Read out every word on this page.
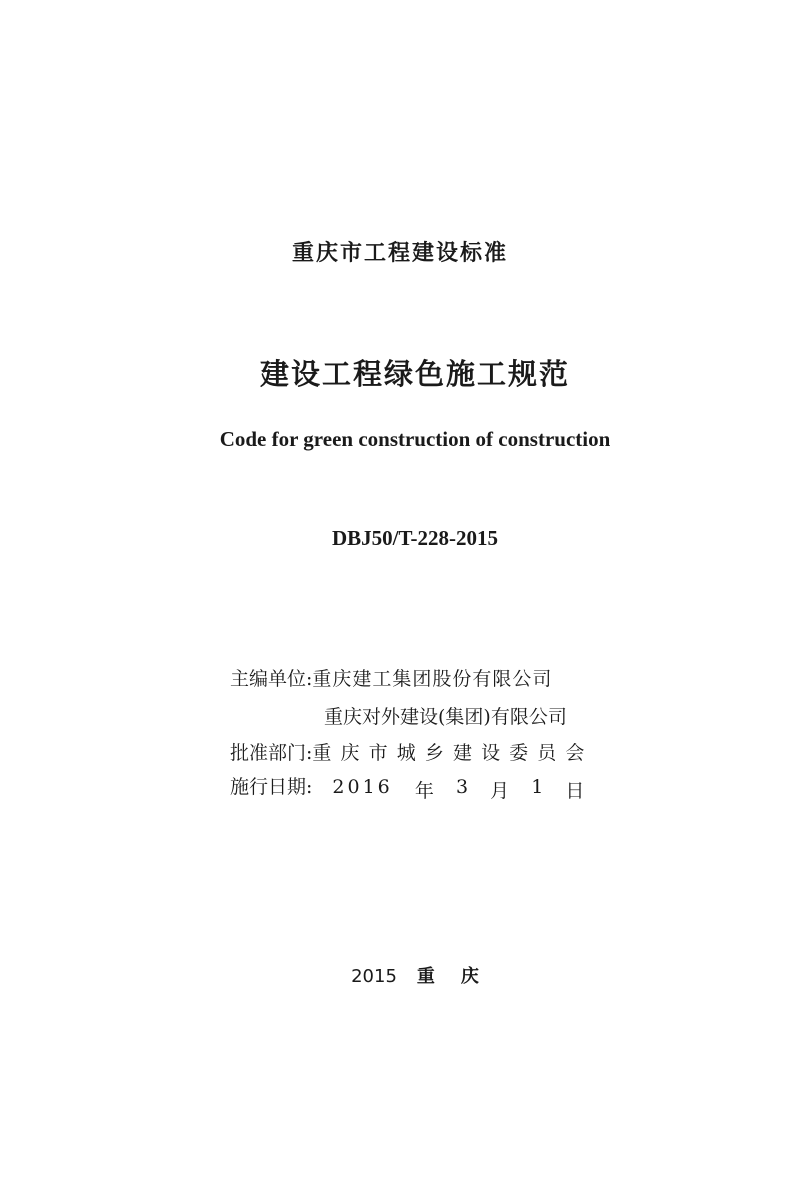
重庆市工程建设标准
建设工程绿色施工规范
Code for green construction of construction
DBJ50/T-228-2015
主编单位:重庆建工集团股份有限公司
重庆对外建设(集团)有限公司
批准部门: 重 庆 市 城 乡 建 设 委 员 会
施行日期: 2016 年 3 月 1 日
2015 重 庆
